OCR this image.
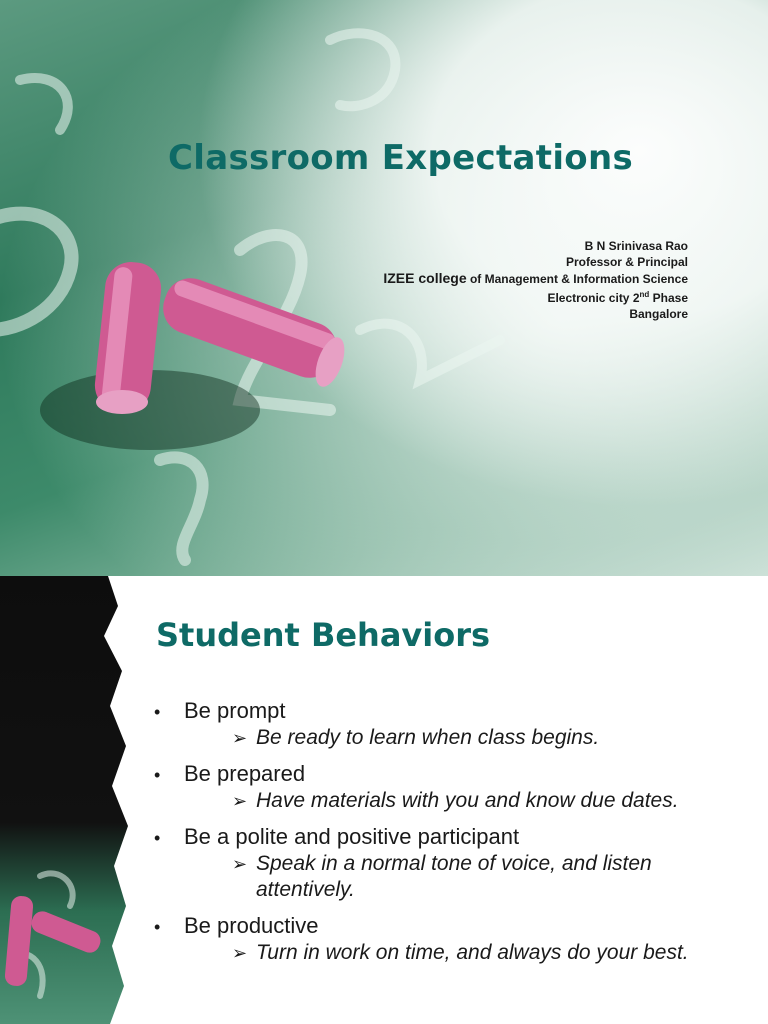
Classroom Expectations
B N Srinivasa Rao
Professor & Principal
IZEE college of Management & Information Science
Electronic city 2nd Phase
Bangalore
Student Behaviors
•	Be prompt
➢ Be ready to learn when class begins.
•	Be prepared
➢ Have materials with you and know due dates.
•	Be a polite and positive participant
➢ Speak in a normal tone of voice, and listen attentively.
•	Be productive
➢ Turn in work on time, and always do your best.
